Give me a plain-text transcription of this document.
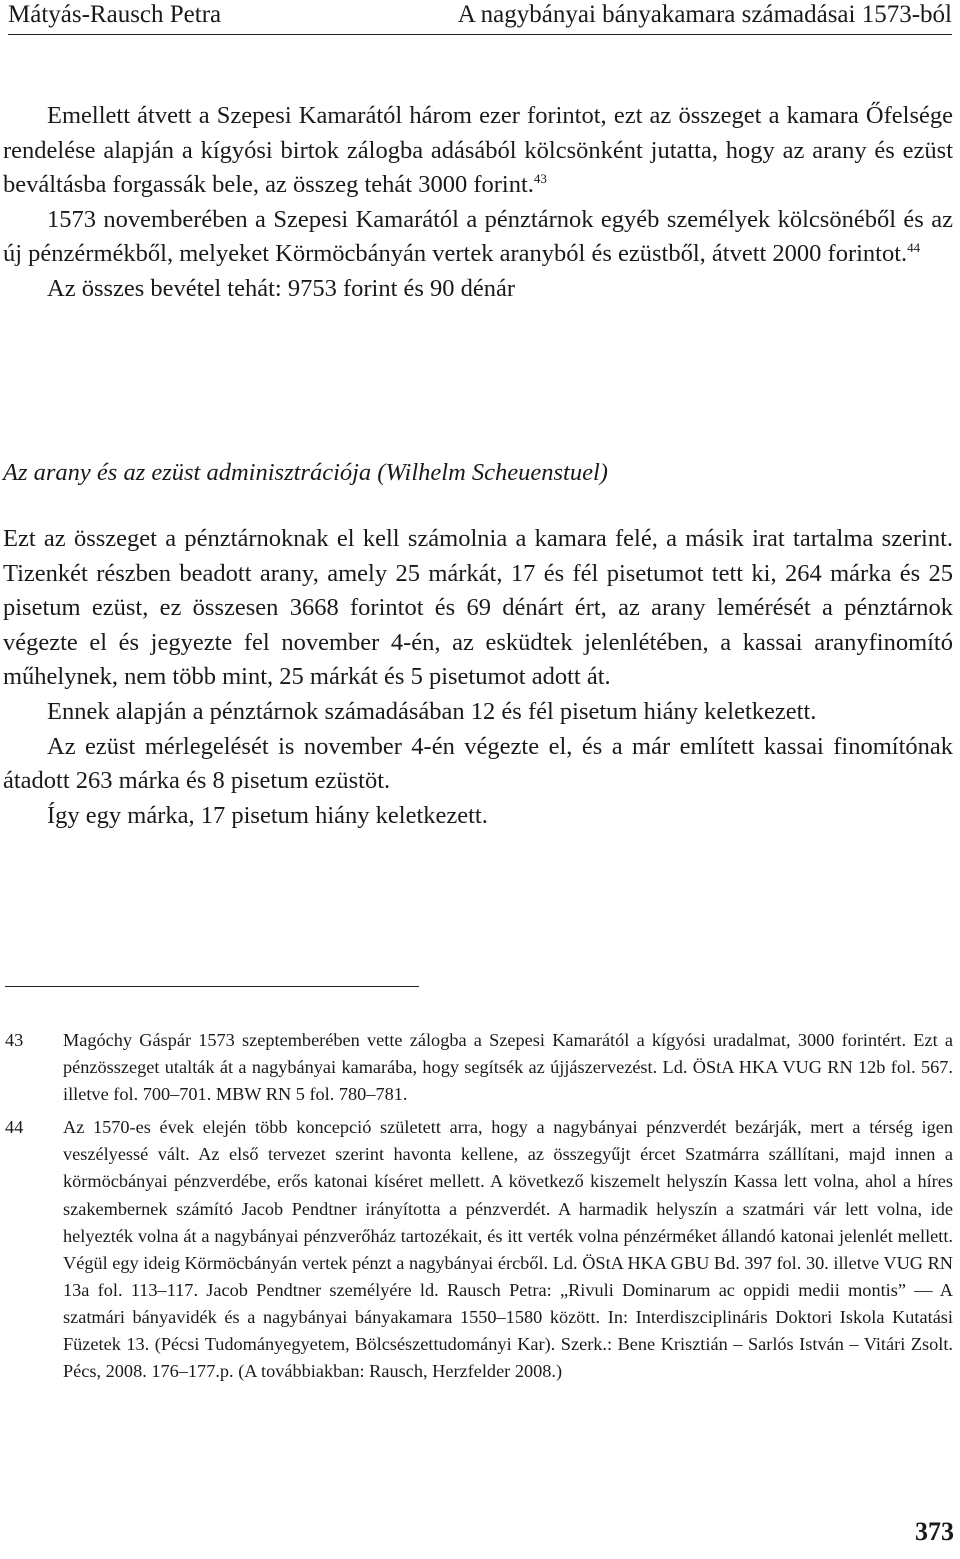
Mátyás-Rausch Petra	A nagybányai bányakamara számadásai 1573-ból

Emellett átvett a Szepesi Kamarától három ezer forintot, ezt az összeget a kamara Őfelsége rendelése alapján a kígyósi birtok zálogba adásából kölcsönként jutatta, hogy az arany és ezüst beváltásba forgassák bele, az összeg tehát 3000 forint.$^{43}$

1573 novemberében a Szepesi Kamarától a pénztárnok egyéb személyek kölcsönéből és az új pénzérmékből, melyeket Körmöcbányán vertek aranyból és ezüstből, átvett 2000 forintot.$^{44}$

Az összes bevétel tehát: 9753 forint és 90 dénár

Az arany és az ezüst adminisztrációja (Wilhelm Scheuenstuel)

Ezt az összeget a pénztárnoknak el kell számolnia a kamara felé, a másik irat tartalma szerint. Tizenkét részben beadott arany, amely 25 márkát, 17 és fél pisetumot tett ki, 264 márka és 25 pisetum ezüst, ez összesen 3668 forintot és 69 dénárt ért, az arany lemérését a pénztárnok végezte el és jegyezte fel november 4-én, az esküdtek jelenlétében, a kassai aranyfinomító műhelynek, nem több mint, 25 márkát és 5 pisetumot adott át.

Ennek alapján a pénztárnok számadásában 12 és fél pisetum hiány keletkezett.

Az ezüst mérlegelését is november 4-én végezte el, és a már említett kassai finomítónak átadott 263 márka és 8 pisetum ezüstöt.

Így egy márka, 17 pisetum hiány keletkezett.

43 Magóchy Gáspár 1573 szeptemberében vette zálogba a Szepesi Kamarától a kígyósi uradalmat, 3000 forintért. Ezt a pénzösszeget utalták át a nagybányai kamarába, hogy segítsék az újjászervezést. Ld. ÖStA HKA VUG RN 12b fol. 567. illetve fol. 700–701. MBW RN 5 fol. 780–781.
44 Az 1570-es évek elején több koncepció született arra, hogy a nagybányai pénzverdét bezárják, mert a térség igen veszélyessé vált. Az első tervezet szerint havonta kellene, az összegyűjt ércet Szatmárra szállítani, majd innen a körmöcbányai pénzverdébe, erős katonai kíséret mellett. A következő kiszemelt helyszín Kassa lett volna, ahol a híres szakembernek számító Jacob Pendtner irányította a pénzverdét. A harmadik helyszín a szatmári vár lett volna, ide helyezték volna át a nagybányai pénzverőház tartozékait, és itt verték volna pénzérméket állandó katonai jelenlét mellett. Végül egy ideig Körmöcbányán vertek pénzt a nagybányai ércből. Ld. ÖStA HKA GBU Bd. 397 fol. 30. illetve VUG RN 13a fol. 113–117. Jacob Pendtner személyére ld. Rausch Petra: „Rivuli Dominarum ac oppidi medii montis” — A szatmári bányavidék és a nagybányai bányakamara 1550–1580 között. In: Interdiszciplináris Doktori Iskola Kutatási Füzetek 13. (Pécsi Tudományegyetem, Bölcsészettudományi Kar). Szerk.: Bene Krisztián – Sarlós István – Vitári Zsolt. Pécs, 2008. 176–177.p. (A továbbiakban: Rausch, Herzfelder 2008.)
373
